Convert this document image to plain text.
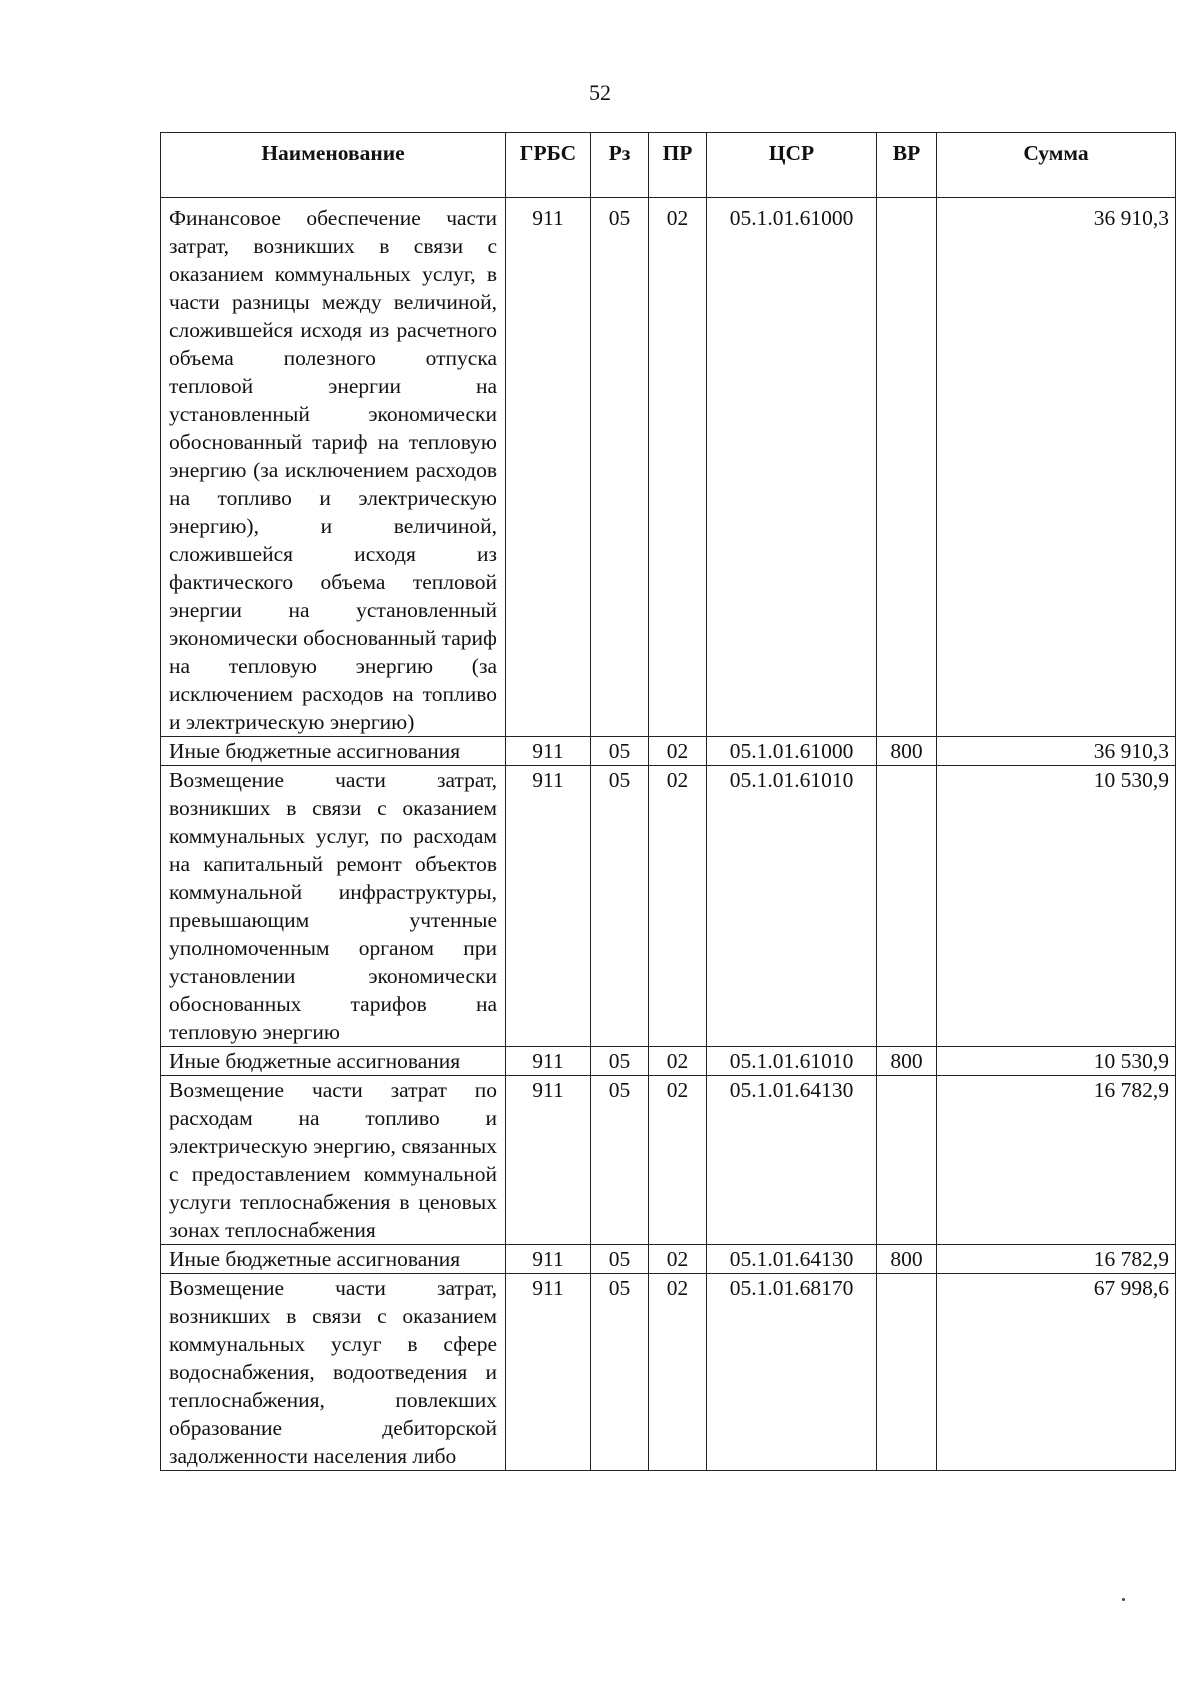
52
Наименование	ГРБС	Рз	ПР	ЦСР	ВР	Сумма
Финансовое обеспечение части затрат, возникших в связи с оказанием коммунальных услуг, в части разницы между величиной, сложившейся исходя из расчетного объема полезного отпуска тепловой энергии на установленный экономически обоснованный тариф на тепловую энергию (за исключением расходов на топливо и электрическую энергию), и величиной, сложившейся исходя из фактического объема тепловой энергии на установленный экономически обоснованный тариф на тепловую энергию (за исключением расходов на топливо и электрическую энергию)	911	05	02	05.1.01.61000		36 910,3
Иные бюджетные ассигнования	911	05	02	05.1.01.61000	800	36 910,3
Возмещение части затрат, возникших в связи с оказанием коммунальных услуг, по расходам на капитальный ремонт объектов коммунальной инфраструктуры, превышающим учтенные уполномоченным органом при установлении экономически обоснованных тарифов на тепловую энергию	911	05	02	05.1.01.61010		10 530,9
Иные бюджетные ассигнования	911	05	02	05.1.01.61010	800	10 530,9
Возмещение части затрат по расходам на топливо и электрическую энергию, связанных с предоставлением коммунальной услуги теплоснабжения в ценовых зонах теплоснабжения	911	05	02	05.1.01.64130		16 782,9
Иные бюджетные ассигнования	911	05	02	05.1.01.64130	800	16 782,9
Возмещение части затрат, возникших в связи с оказанием коммунальных услуг в сфере водоснабжения, водоотведения и теплоснабжения, повлекших образование дебиторской задолженности населения либо	911	05	02	05.1.01.68170		67 998,6
